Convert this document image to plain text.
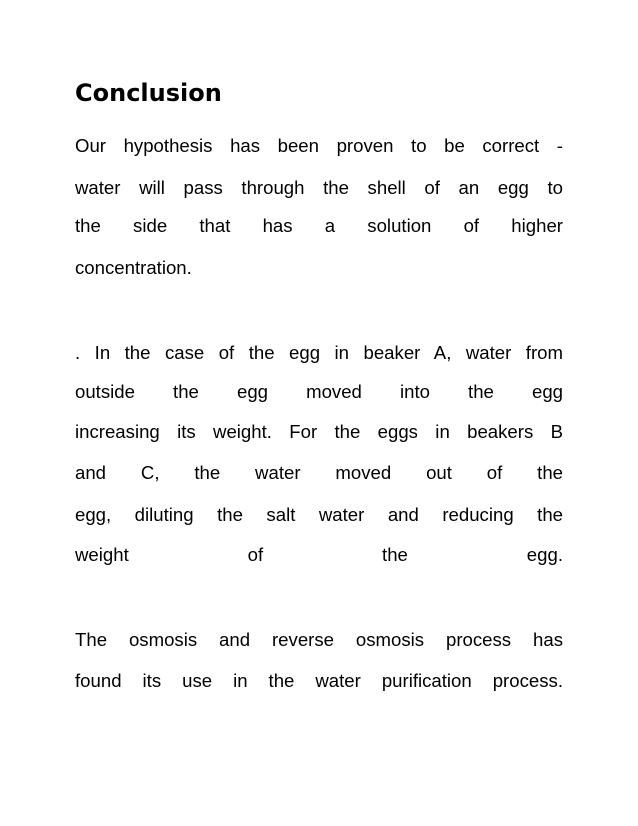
Conclusion

Our hypothesis has been proven to be correct -

water will pass through the shell of an egg to

the side that has a solution of higher

concentration.

. In the case of the egg in beaker A, water from

outside the egg moved into the egg

increasing its weight. For the eggs in beakers B

and C, the water moved out of the

egg, diluting the salt water and reducing the

weight of the egg.

The osmosis and reverse osmosis process has

found its use in the water purification process.
